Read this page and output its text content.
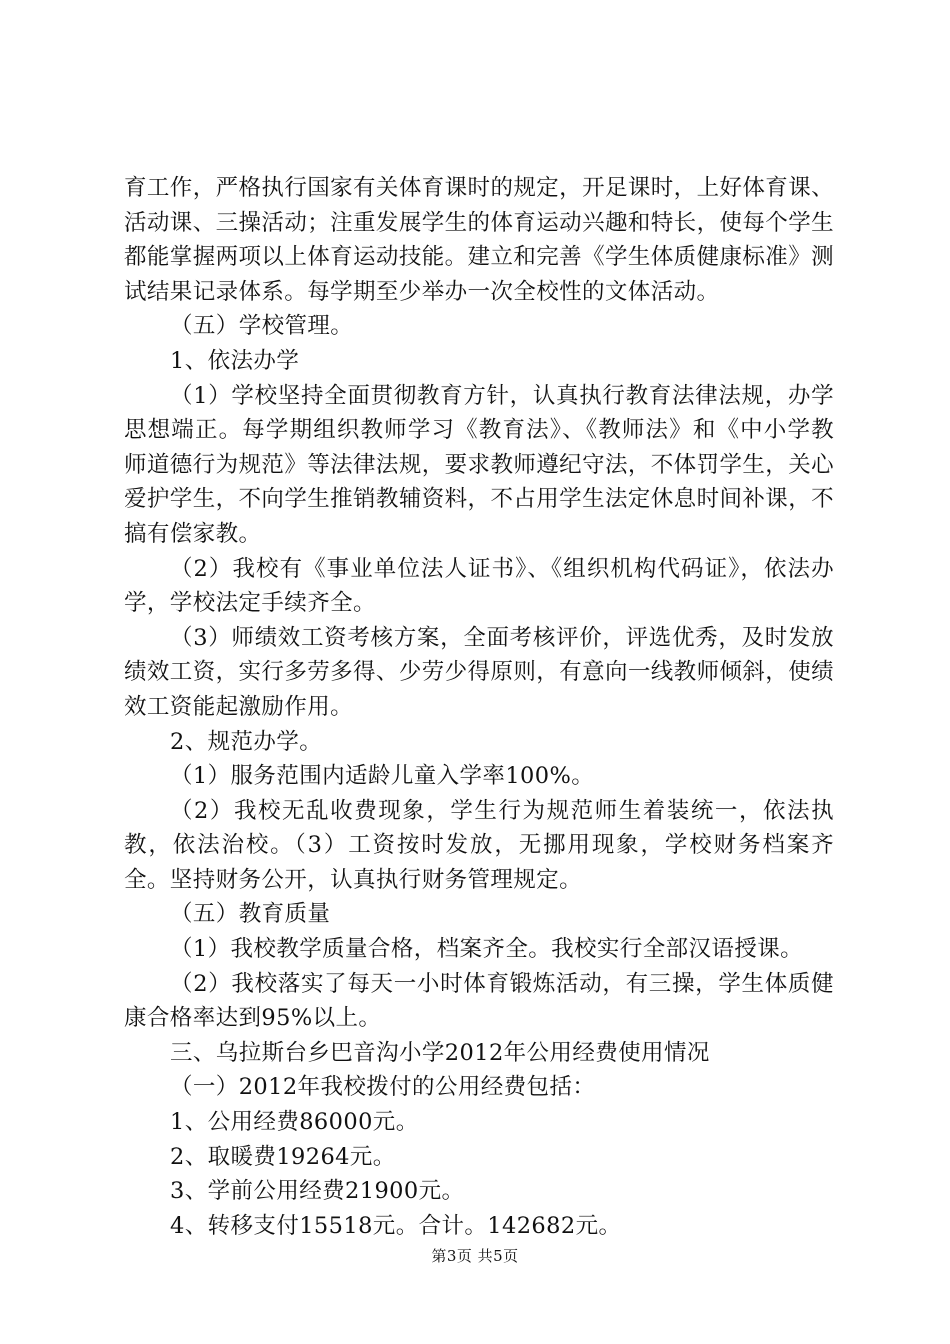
育工作，严格执行国家有关体育课时的规定，开足课时，上好体育课、活动课、三操活动；注重发展学生的体育运动兴趣和特长，使每个学生都能掌握两项以上体育运动技能。建立和完善《学生体质健康标准》测试结果记录体系。每学期至少举办一次全校性的文体活动。

（五）学校管理。

1、依法办学

（1）学校坚持全面贯彻教育方针，认真执行教育法律法规，办学思想端正。每学期组织教师学习《教育法》、《教师法》和《中小学教师道德行为规范》等法律法规，要求教师遵纪守法，不体罚学生，关心爱护学生，不向学生推销教辅资料，不占用学生法定休息时间补课，不搞有偿家教。

（2）我校有《事业单位法人证书》、《组织机构代码证》，依法办学，学校法定手续齐全。

（3）师绩效工资考核方案，全面考核评价，评选优秀，及时发放绩效工资，实行多劳多得、少劳少得原则，有意向一线教师倾斜，使绩效工资能起激励作用。

2、规范办学。

（1）服务范围内适龄儿童入学率100%。

（2）我校无乱收费现象，学生行为规范师生着装统一，依法执教，依法治校。（3）工资按时发放，无挪用现象，学校财务档案齐全。坚持财务公开，认真执行财务管理规定。

（五）教育质量

（1）我校教学质量合格，档案齐全。我校实行全部汉语授课。

（2）我校落实了每天一小时体育锻炼活动，有三操，学生体质健康合格率达到95%以上。

三、乌拉斯台乡巴音沟小学2012年公用经费使用情况

（一）2012年我校拨付的公用经费包括：

1、公用经费86000元。

2、取暖费19264元。

3、学前公用经费21900元。

4、转移支付15518元。合计。142682元。

第3页 共5页
